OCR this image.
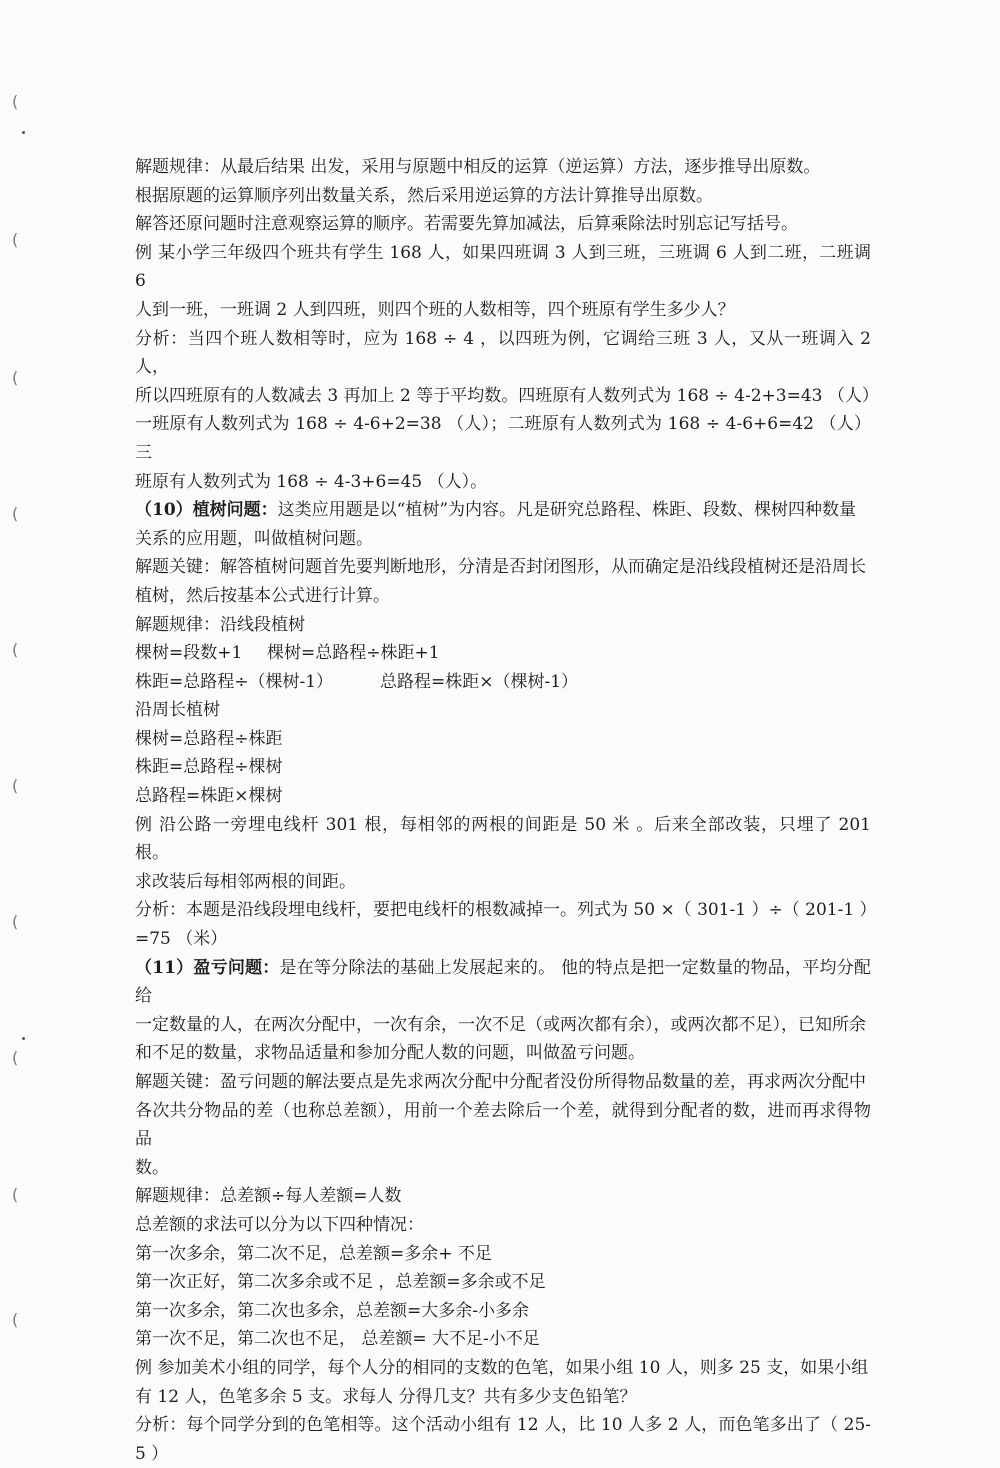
(
(
(
(
(
(
(
(
(
(

解题规律：从最后结果 出发，采用与原题中相反的运算（逆运算）方法，逐步推导出原数。

根据原题的运算顺序列出数量关系，然后采用逆运算的方法计算推导出原数。

解答还原问题时注意观察运算的顺序。若需要先算加减法，后算乘除法时别忘记写括号。

例 某小学三年级四个班共有学生 168 人，如果四班调 3 人到三班，三班调 6 人到二班，二班调 6

人到一班，一班调 2 人到四班，则四个班的人数相等，四个班原有学生多少人？

分析：当四个班人数相等时，应为 168 ÷ 4 ，以四班为例，它调给三班 3 人，又从一班调入 2 人，

所以四班原有的人数减去 3 再加上 2 等于平均数。四班原有人数列式为 168 ÷ 4-2+3=43 （人）

一班原有人数列式为 168 ÷ 4-6+2=38 （人）；二班原有人数列式为 168 ÷ 4-6+6=42 （人） 三

班原有人数列式为 168 ÷ 4-3+6=45 （人）。

（10）植树问题：这类应用题是以“植树”为内容。凡是研究总路程、株距、段数、棵树四种数量

关系的应用题，叫做植树问题。

解题关键：解答植树问题首先要判断地形，分清是否封闭图形，从而确定是沿线段植树还是沿周长

植树，然后按基本公式进行计算。

解题规律：沿线段植树

棵树=段数+1 棵树=总路程÷株距+1

株距=总路程÷（棵树-1）	总路程=株距×（棵树-1）

沿周长植树

棵树=总路程÷株距

株距=总路程÷棵树

总路程=株距×棵树

例 沿公路一旁埋电线杆 301 根，每相邻的两根的间距是 50 米 。后来全部改装，只埋了 201 根。

求改装后每相邻两根的间距。

分析：本题是沿线段埋电线杆，要把电线杆的根数减掉一。列式为 50 ×（ 301-1 ）÷（ 201-1 ）

=75 （米）

（11）盈亏问题：是在等分除法的基础上发展起来的。 他的特点是把一定数量的物品，平均分配给

一定数量的人，在两次分配中，一次有余，一次不足（或两次都有余），或两次都不足），已知所余

和不足的数量，求物品适量和参加分配人数的问题，叫做盈亏问题。

解题关键：盈亏问题的解法要点是先求两次分配中分配者没份所得物品数量的差，再求两次分配中

各次共分物品的差（也称总差额），用前一个差去除后一个差，就得到分配者的数，进而再求得物品

数。

解题规律：总差额÷每人差额=人数

总差额的求法可以分为以下四种情况：

第一次多余，第二次不足，总差额=多余+ 不足

第一次正好，第二次多余或不足 ，总差额=多余或不足

第一次多余，第二次也多余，总差额=大多余-小多余

第一次不足，第二次也不足， 总差额= 大不足-小不足

例 参加美术小组的同学，每个人分的相同的支数的色笔，如果小组 10 人，则多 25 支，如果小组

有 12 人，色笔多余 5 支。求每人 分得几支？共有多少支色铅笔？

分析：每个同学分到的色笔相等。这个活动小组有 12 人，比 10 人多 2 人，而色笔多出了（ 25-5 ）
